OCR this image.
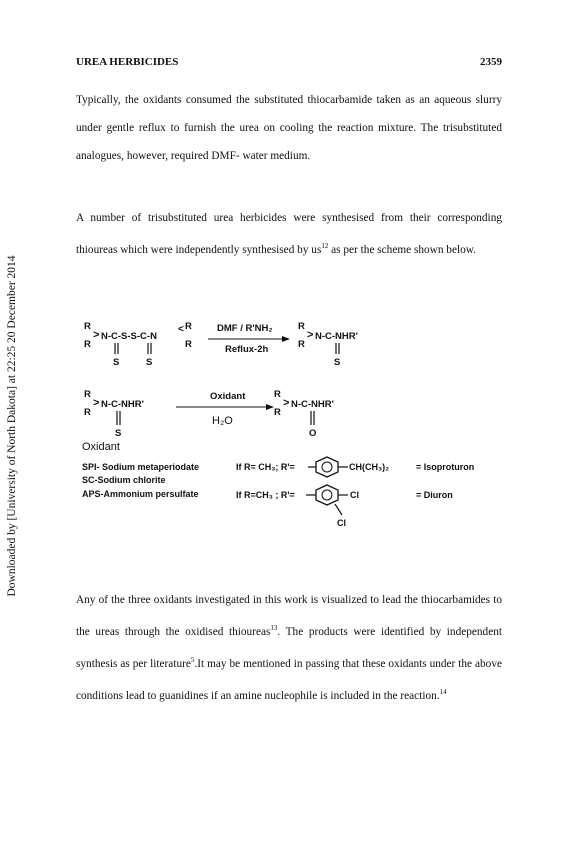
Downloaded by [University of North Dakota] at 22:25 20 December 2014
UREA HERBICIDES	2359
Typically, the oxidants consumed the substituted thiocarbamide taken as an aqueous slurry under gentle reflux to furnish the urea on cooling the reaction mixture. The trisubstituted analogues, however, required DMF- water medium.
A number of trisubstituted urea herbicides were synthesised from their corresponding thioureas which were independently synthesised by $us^{12}$ as per the scheme shown below.
R
R
> N-C-S-S-C-N
< R
R
S	S
DMF / R'NH₂
Reflux-2h
R
R
> N-C-NHR'
S
R
R
> N-C-NHR'
S
Oxidant
H₂O
R
R
> N-C-NHR'
O
Oxidant
SPI- Sodium metaperiodate
SC-Sodium chlorite
APS-Ammonium persulfate
If R= CH₃; R'=	CH(CH₃)₂	= Isoproturon
If R=CH₃ ; R'=	Cl
Cl
= Diuron
Any of the three oxidants investigated in this work is visualized to lead the thiocarbamides to the ureas through the oxidised thioureas$^{13}$. The products were identified by independent synthesis as per literature$^5$.It may be mentioned in passing that these oxidants under the above conditions lead to guanidines if an amine nucleophile is included in the reaction.$^{14}$
